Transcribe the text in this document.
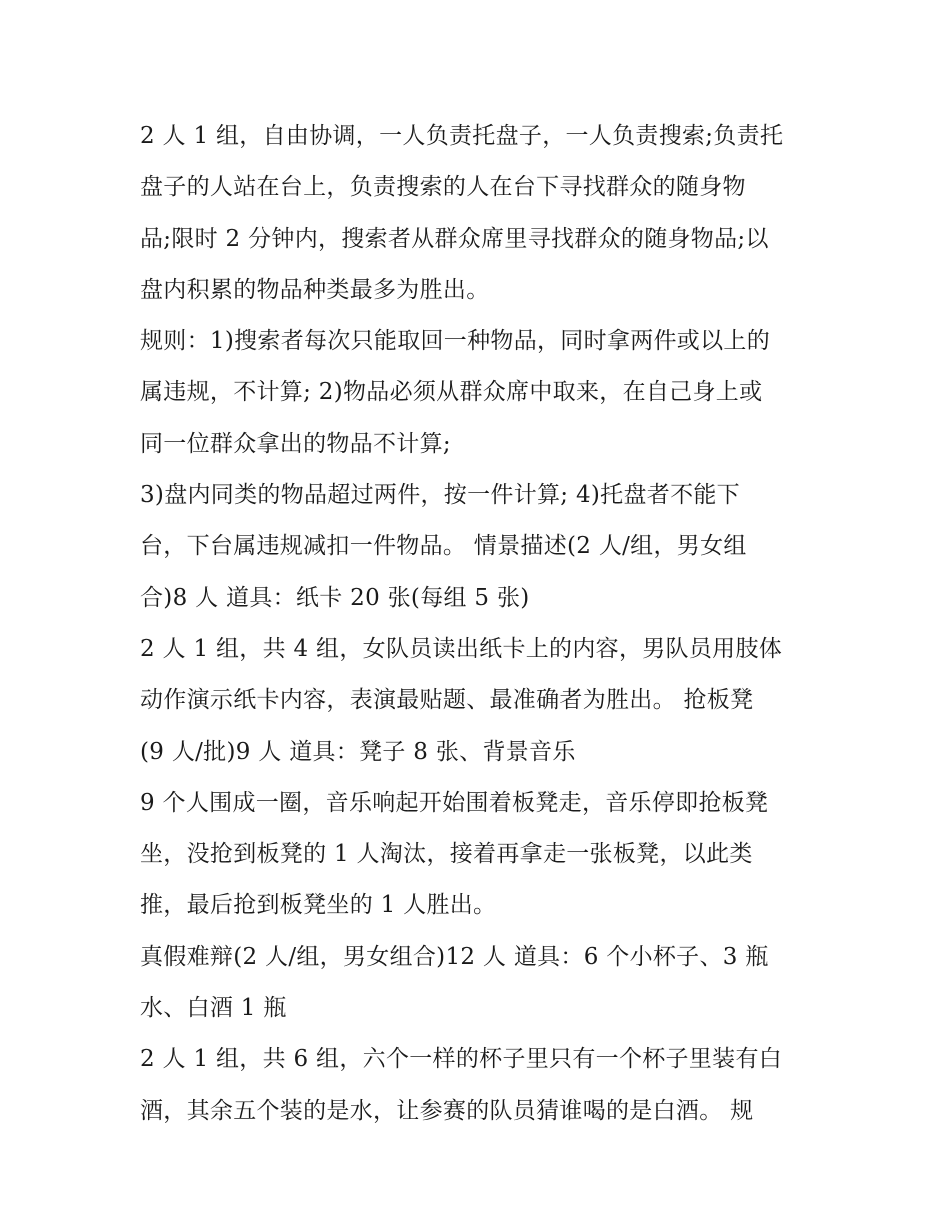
2 人 1 组，自由协调，一人负责托盘子，一人负责搜索;负责托
盘子的人站在台上，负责搜索的人在台下寻找群众的随身物
品;限时 2 分钟内，搜索者从群众席里寻找群众的随身物品;以
盘内积累的物品种类最多为胜出。
规则：1)搜索者每次只能取回一种物品，同时拿两件或以上的
属违规，不计算; 2)物品必须从群众席中取来，在自己身上或
同一位群众拿出的物品不计算;
3)盘内同类的物品超过两件，按一件计算; 4)托盘者不能下
台，下台属违规减扣一件物品。 情景描述(2 人/组，男女组
合)8 人 道具：纸卡 20 张(每组 5 张)
2 人 1 组，共 4 组，女队员读出纸卡上的内容，男队员用肢体
动作演示纸卡内容，表演最贴题、最准确者为胜出。 抢板凳
(9 人/批)9 人 道具：凳子 8 张、背景音乐
9 个人围成一圈，音乐响起开始围着板凳走，音乐停即抢板凳
坐，没抢到板凳的 1 人淘汰，接着再拿走一张板凳，以此类
推，最后抢到板凳坐的 1 人胜出。
真假难辩(2 人/组，男女组合)12 人 道具：6 个小杯子、3 瓶
水、白酒 1 瓶
2 人 1 组，共 6 组，六个一样的杯子里只有一个杯子里装有白
酒，其余五个装的是水，让参赛的队员猜谁喝的是白酒。 规
